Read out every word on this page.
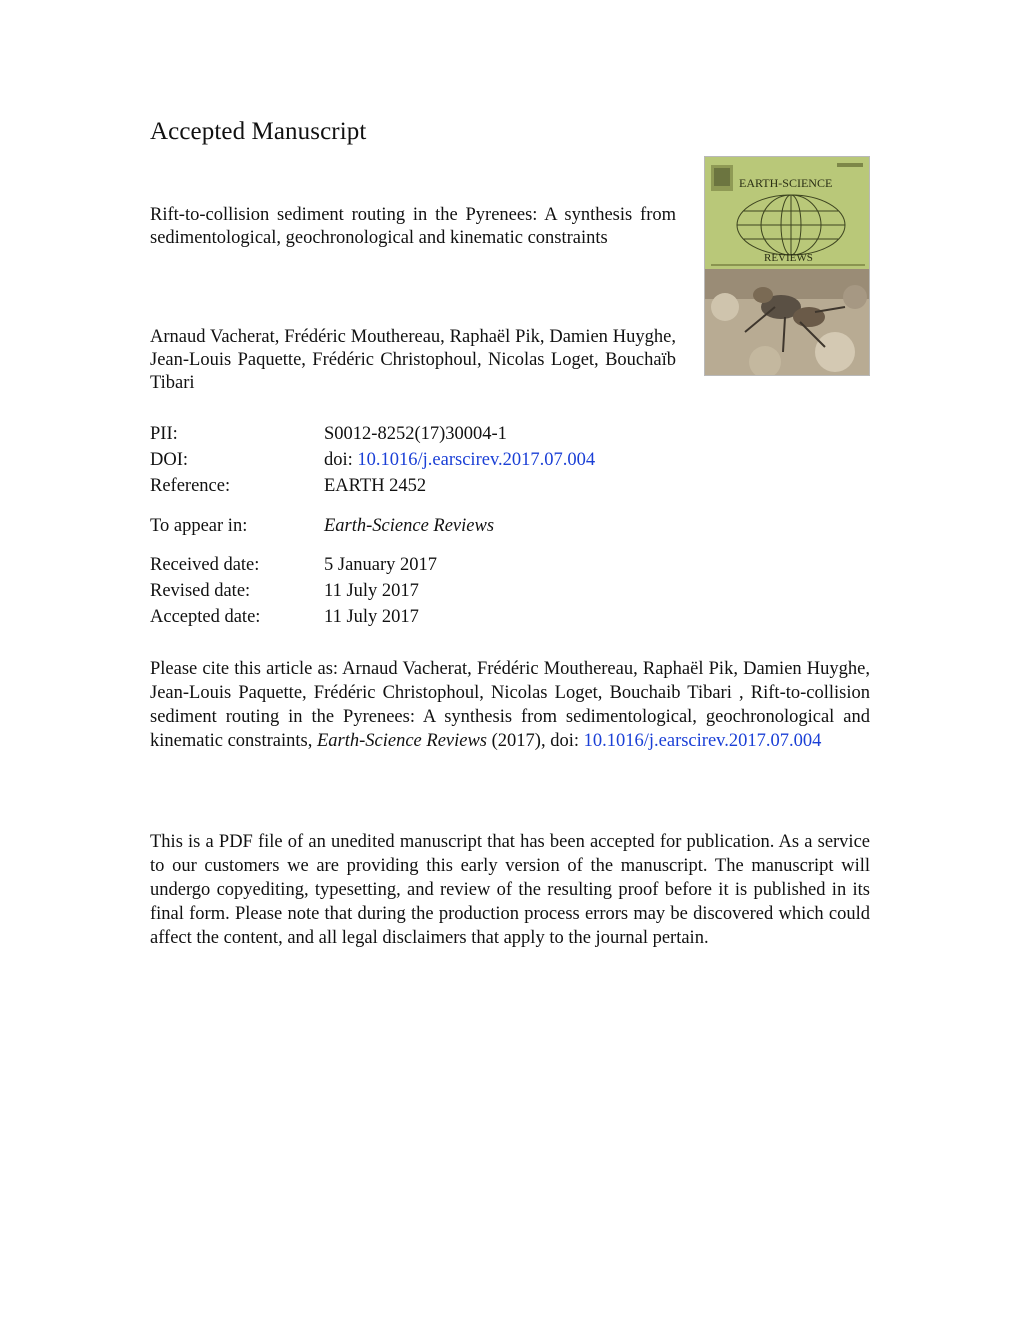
Accepted Manuscript
Rift-to-collision sediment routing in the Pyrenees: A synthesis from sedimentological, geochronological and kinematic constraints
Arnaud Vacherat, Frédéric Mouthereau, Raphaël Pik, Damien Huyghe, Jean-Louis Paquette, Frédéric Christophoul, Nicolas Loget, Bouchaïb Tibari
EARTH-SCIENCE
REVIEWS
PII:	S0012-8252(17)30004-1
DOI:	doi: 10.1016/j.earscirev.2017.07.004
Reference:	EARTH 2452
To appear in:	Earth-Science Reviews
Received date:	5 January 2017
Revised date:	11 July 2017
Accepted date:	11 July 2017
Please cite this article as: Arnaud Vacherat, Frédéric Mouthereau, Raphaël Pik, Damien Huyghe, Jean-Louis Paquette, Frédéric Christophoul, Nicolas Loget, Bouchaib Tibari , Rift-to-collision sediment routing in the Pyrenees: A synthesis from sedimentological, geochronological and kinematic constraints, Earth-Science Reviews (2017), doi: 10.1016/j.earscirev.2017.07.004
This is a PDF file of an unedited manuscript that has been accepted for publication. As a service to our customers we are providing this early version of the manuscript. The manuscript will undergo copyediting, typesetting, and review of the resulting proof before it is published in its final form. Please note that during the production process errors may be discovered which could affect the content, and all legal disclaimers that apply to the journal pertain.
